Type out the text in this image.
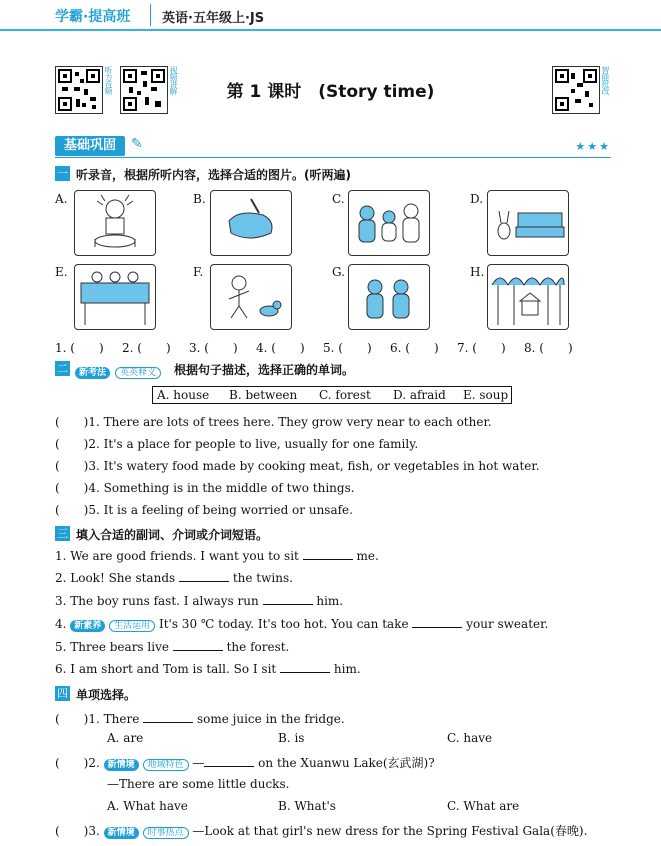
学霸·提高班 英语·五年级上·JS
听力音频	视频讲解	智能批改
第 1 课时　(Story time)
基础巩固	✎	★★★
一 听录音，根据所听内容，选择合适的图片。(听两遍)
A.	B.	C.	D.
E.	F.	G.	H.
1. (　　) 2. (　　) 3. (　　) 4. (　　) 5. (　　) 6. (　　) 7. (　　) 8. (　　)
二	新考法 英英释义	根据句子描述，选择正确的单词。
A. house B. between C. forest D. afraid E. soup
(　　)1. There are lots of trees here. They grow very near to each other.
(　　)2. It's a place for people to live, usually for one family.
(　　)3. It's watery food made by cooking meat, fish, or vegetables in hot water.
(　　)4. Something is in the middle of two things.
(　　)5. It is a feeling of being worried or unsafe.
三 填入合适的副词、介词或介词短语。
1. We are good friends. I want you to sit	me.
2. Look! She stands	the twins.
3. The boy runs fast. I always run	him.
4. 新素养 生活运用 It's 30 ℃ today. It's too hot. You can take	your sweater.
5. Three bears live	the forest.
6. I am short and Tom is tall. So I sit	him.
四 单项选择。
(　　)1. There	some juice in the fridge.
A. are	B. is	C. have
(　　)2. 新情境 地域特色 —	on the Xuanwu Lake(玄武湖)?
—There are some little ducks.
A. What have	B. What's	C. What are
(　　)3. 新情境 时事热点 —Look at that girl's new dress for the Spring Festival Gala(春晚).
